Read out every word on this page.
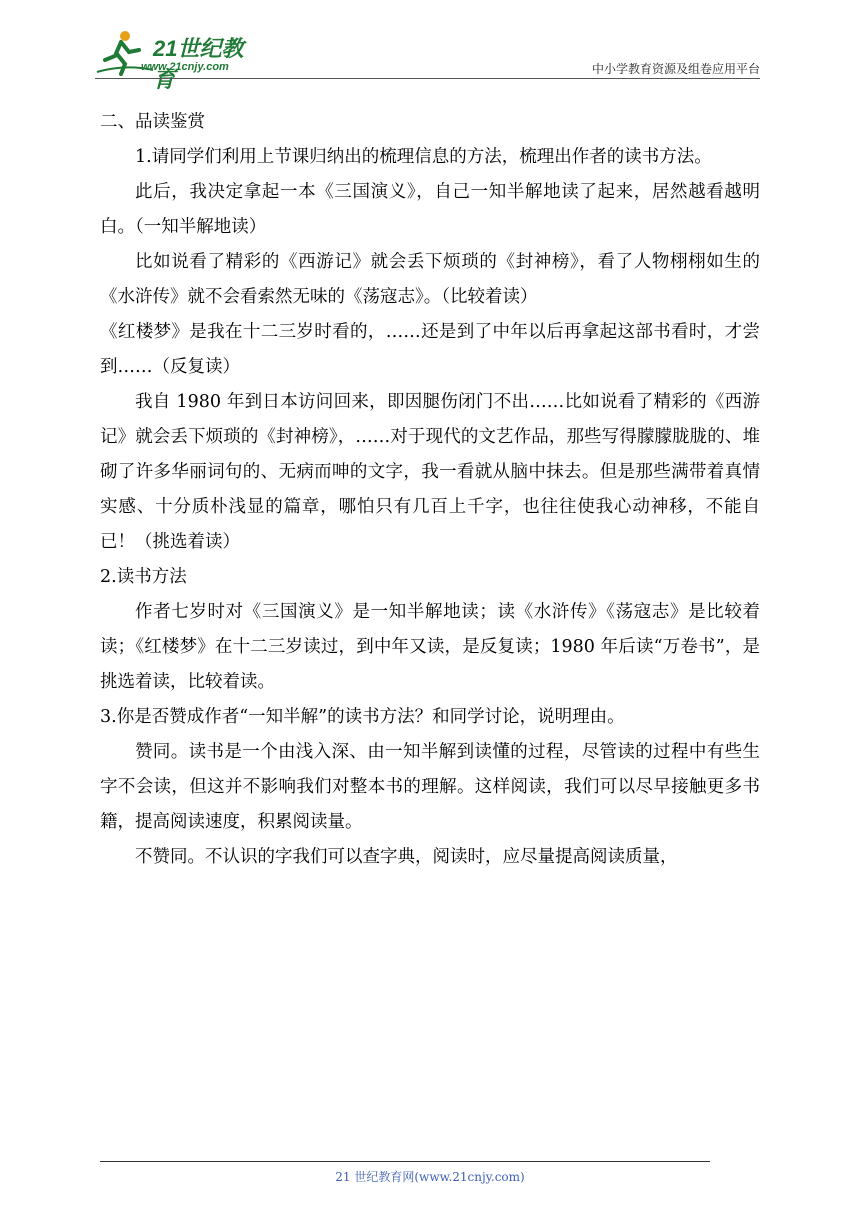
21世纪教育
www.21cnjy.com	中小学教育资源及组卷应用平台

二、品读鉴赏

1.请同学们利用上节课归纳出的梳理信息的方法，梳理出作者的读书方法。

此后，我决定拿起一本《三国演义》，自己一知半解地读了起来，居然越看越明白。（一知半解地读）

比如说看了精彩的《西游记》就会丢下烦琐的《封神榜》，看了人物栩栩如生的《水浒传》就不会看索然无味的《荡寇志》。（比较着读）

《红楼梦》是我在十二三岁时看的，……还是到了中年以后再拿起这部书看时，才尝到……（反复读）

我自 1980 年到日本访问回来，即因腿伤闭门不出……比如说看了精彩的《西游记》就会丢下烦琐的《封神榜》，……对于现代的文艺作品，那些写得朦朦胧胧的、堆砌了许多华丽词句的、无病而呻的文字，我一看就从脑中抹去。但是那些满带着真情实感、十分质朴浅显的篇章，哪怕只有几百上千字，也往往使我心动神移，不能自已！（挑选着读）

2.读书方法

作者七岁时对《三国演义》是一知半解地读；读《水浒传》《荡寇志》是比较着读；《红楼梦》在十二三岁读过，到中年又读，是反复读；1980 年后读“万卷书”，是挑选着读，比较着读。

3.你是否赞成作者“一知半解”的读书方法？和同学讨论，说明理由。

赞同。读书是一个由浅入深、由一知半解到读懂的过程，尽管读的过程中有些生字不会读，但这并不影响我们对整本书的理解。这样阅读，我们可以尽早接触更多书籍，提高阅读速度，积累阅读量。

不赞同。不认识的字我们可以查字典，阅读时，应尽量提高阅读质量，

21 世纪教育网(www.21cnjy.com)
